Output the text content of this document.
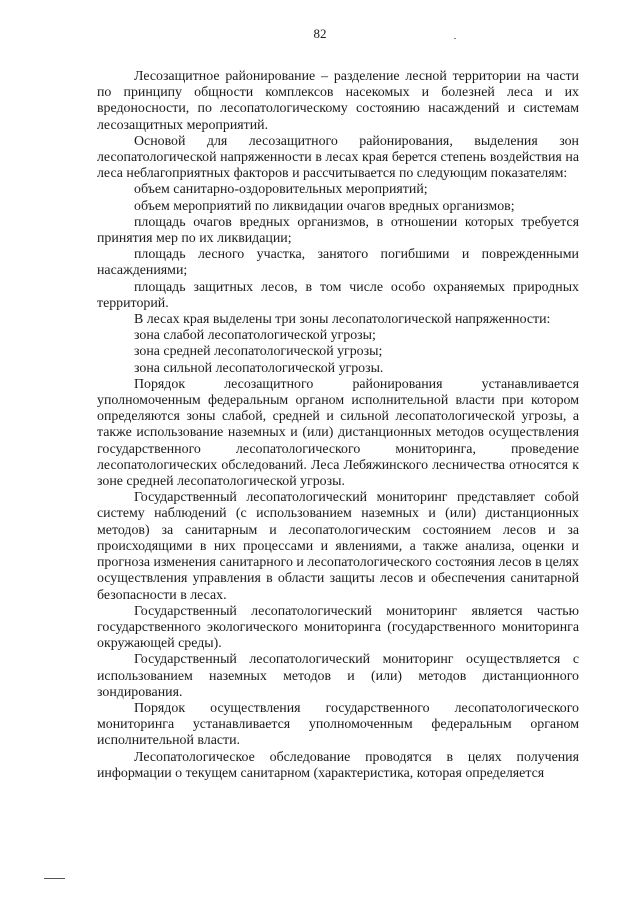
82

Лесозащитное районирование – разделение лесной территории на части по принципу общности комплексов насекомых и болезней леса и их вредоносности, по лесопатологическому состоянию насаждений и системам лесозащитных мероприятий.

Основой для лесозащитного районирования, выделения зон лесопатологической напряженности в лесах края берется степень воздействия на леса неблагоприятных факторов и рассчитывается по следующим показателям:

объем санитарно-оздоровительных мероприятий;

объем мероприятий по ликвидации очагов вредных организмов;

площадь очагов вредных организмов, в отношении которых требуется принятия мер по их ликвидации;

площадь лесного участка, занятого погибшими и поврежденными насаждениями;

площадь защитных лесов, в том числе особо охраняемых природных территорий.

В лесах края выделены три зоны лесопатологической напряженности:

зона слабой лесопатологической угрозы;

зона средней лесопатологической угрозы;

зона сильной лесопатологической угрозы.

Порядок лесозащитного районирования устанавливается уполномоченным федеральным органом исполнительной власти при котором определяются зоны слабой, средней и сильной лесопатологической угрозы, а также использование наземных и (или) дистанционных методов осуществления государственного лесопатологического мониторинга, проведение лесопатологических обследований. Леса Лебяжинского лесничества относятся к зоне средней лесопатологической угрозы.

Государственный лесопатологический мониторинг представляет собой систему наблюдений (с использованием наземных и (или) дистанционных методов) за санитарным и лесопатологическим состоянием лесов и за происходящими в них процессами и явлениями, а также анализа, оценки и прогноза изменения санитарного и лесопатологического состояния лесов в целях осуществления управления в области защиты лесов и обеспечения санитарной безопасности в лесах.

Государственный лесопатологический мониторинг является частью государственного экологического мониторинга (государственного мониторинга окружающей среды).

Государственный лесопатологический мониторинг осуществляется с использованием наземных методов и (или) методов дистанционного зондирования.

Порядок осуществления государственного лесопатологического мониторинга устанавливается уполномоченным федеральным органом исполнительной власти.

Лесопатологическое обследование проводятся в целях получения информации о текущем санитарном (характеристика, которая определяется
